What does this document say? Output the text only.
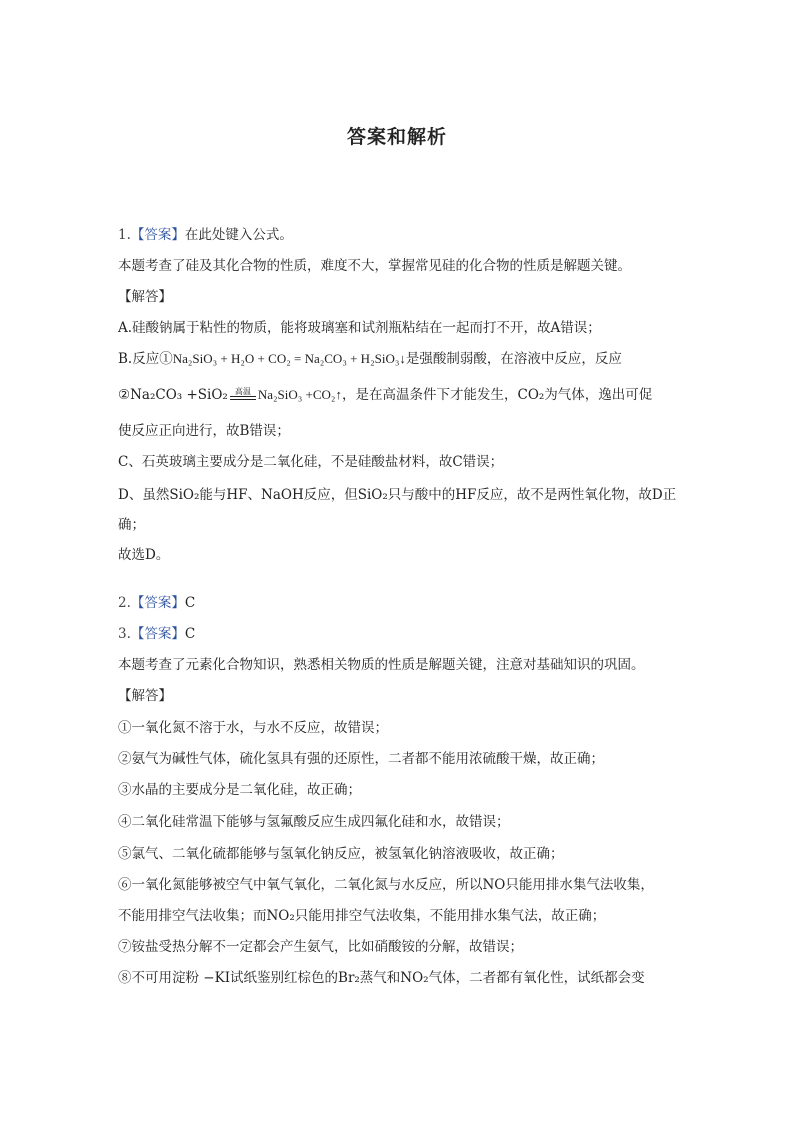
答案和解析
1.【答案】在此处键入公式。
本题考查了硅及其化合物的性质，难度不大，掌握常见硅的化合物的性质是解题关键。
【解答】
A.硅酸钠属于粘性的物质，能将玻璃塞和试剂瓶粘结在一起而打不开，故A错误；
B.反应①Na₂SiO₃ + H₂O + CO₂ = Na₂CO₃ + H₂SiO₃↓是强酸制弱酸，在溶液中反应，反应
②Na₂CO₃ +SiO₂ 高温 Na₂SiO₃ +CO₂↑，是在高温条件下才能发生，CO₂为气体，逸出可促
使反应正向进行，故B错误；
C、石英玻璃主要成分是二氧化硅，不是硅酸盐材料，故C错误；
D、虽然SiO₂能与HF、NaOH反应，但SiO₂只与酸中的HF反应，故不是两性氧化物，故D正
确；
故选D。
2.【答案】C
3.【答案】C
本题考查了元素化合物知识，熟悉相关物质的性质是解题关键，注意对基础知识的巩固。
【解答】
①一氧化氮不溶于水，与水不反应，故错误；
②氨气为碱性气体，硫化氢具有强的还原性，二者都不能用浓硫酸干燥，故正确；
③水晶的主要成分是二氧化硅，故正确；
④二氧化硅常温下能够与氢氟酸反应生成四氟化硅和水，故错误；
⑤氯气、二氧化硫都能够与氢氧化钠反应，被氢氧化钠溶液吸收，故正确；
⑥一氧化氮能够被空气中氧气氧化，二氧化氮与水反应，所以NO只能用排水集气法收集，
不能用排空气法收集；而NO₂只能用排空气法收集，不能用排水集气法，故正确；
⑦铵盐受热分解不一定都会产生氨气，比如硝酸铵的分解，故错误；
⑧不可用淀粉 −KI试纸鉴别红棕色的Br₂蒸气和NO₂气体，二者都有氧化性，试纸都会变
